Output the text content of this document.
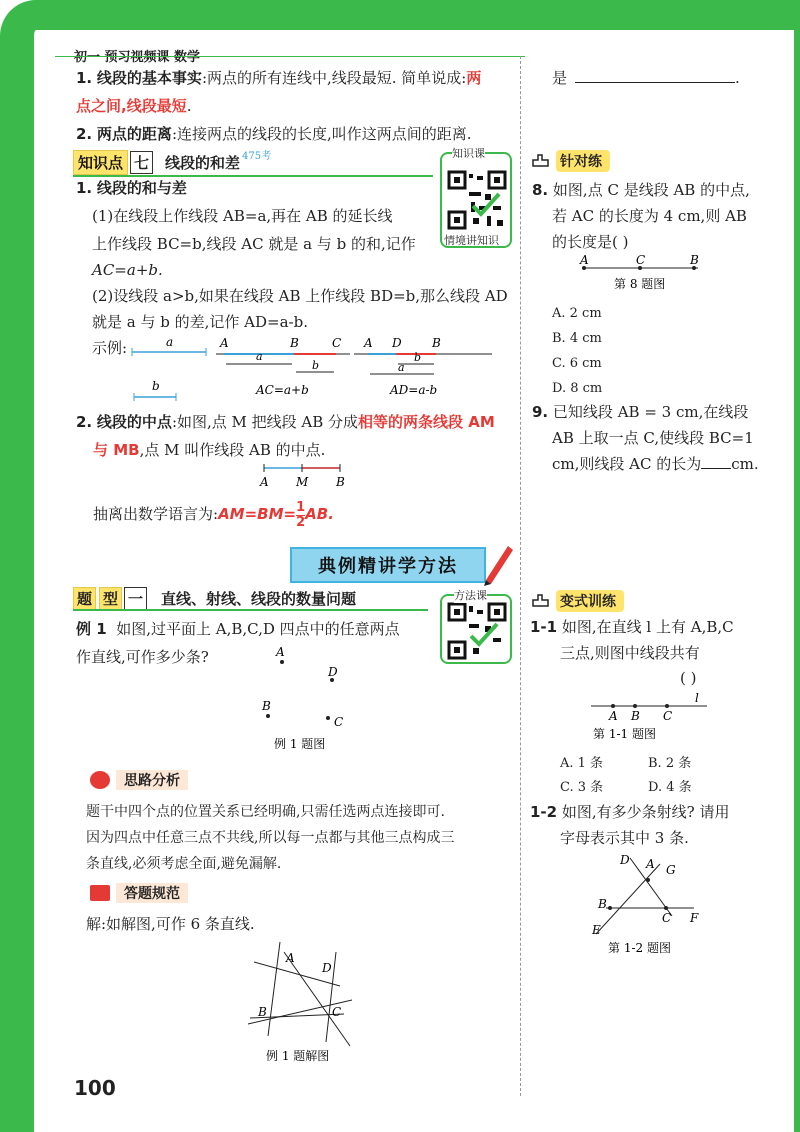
初一 预习视频课 数学
1. 线段的基本事实:两点的所有连线中,线段最短. 简单说成:两
点之间,线段最短.
2. 两点的距离:连接两点的线段的长度,叫作这两点间的距离.
知识点 七 线段的和差 475考	知识课
情境讲知识
1. 线段的和与差
(1)在线段上作线段 AB=a,再在 AB 的延长线
上作线段 BC=b,线段 AC 就是 a 与 b 的和,记作
AC=a+b.
(2)设线段 a>b,如果在线段 AB 上作线段 BD=b,那么线段 AD
就是 a 与 b 的差,记作 AD=a-b.
示例:	a
b
A	B	C
a
b
AC=a+b
A D	B
b
a
AD=a-b
2. 线段的中点:如图,点 M 把线段 AB 分成相等的两条线段 AM
与 MB,点 M 叫作线段 AB 的中点.
A M B
抽离出数学语言为:AM=BM= $\frac{1}{2}$ AB.
典例精讲学方法
题 型 一 直线、射线、线段的数量问题	方法课
例 1 如图,过平面上 A,B,C,D 四点中的任意两点
作直线,可作多少条?	A
D
B
C
例 1 题图
思路分析
题干中四个点的位置关系已经明确,只需任选两点连接即可.
因为四点中任意三点不共线,所以每一点都与其他三点构成三
条直线,必须考虑全面,避免漏解.
答题规范
解:如解图,可作 6 条直线.
A
D
B	C
例 1 题解图
100
是	.
针对练
8. 如图,点 C 是线段 AB 的中点,
若 AC 的长度为 4 cm,则 AB
的长度是( )
A	C	B
第 8 题图
A. 2 cm
B. 4 cm
C. 6 cm
D. 8 cm
9. 已知线段 AB = 3 cm,在线段
AB 上取一点 C,使线段 BC=1
cm,则线段 AC 的长为 cm.
变式训练
1-1 如图,在直线 l 上有 A,B,C
三点,则图中线段共有
( )
l
A B C
第 1-1 题图
A. 1 条	B. 2 条
C. 3 条	D. 4 条
1-2 如图,有多少条射线? 请用
字母表示其中 3 条.
D A G
B
C F
E
第 1-2 题图
